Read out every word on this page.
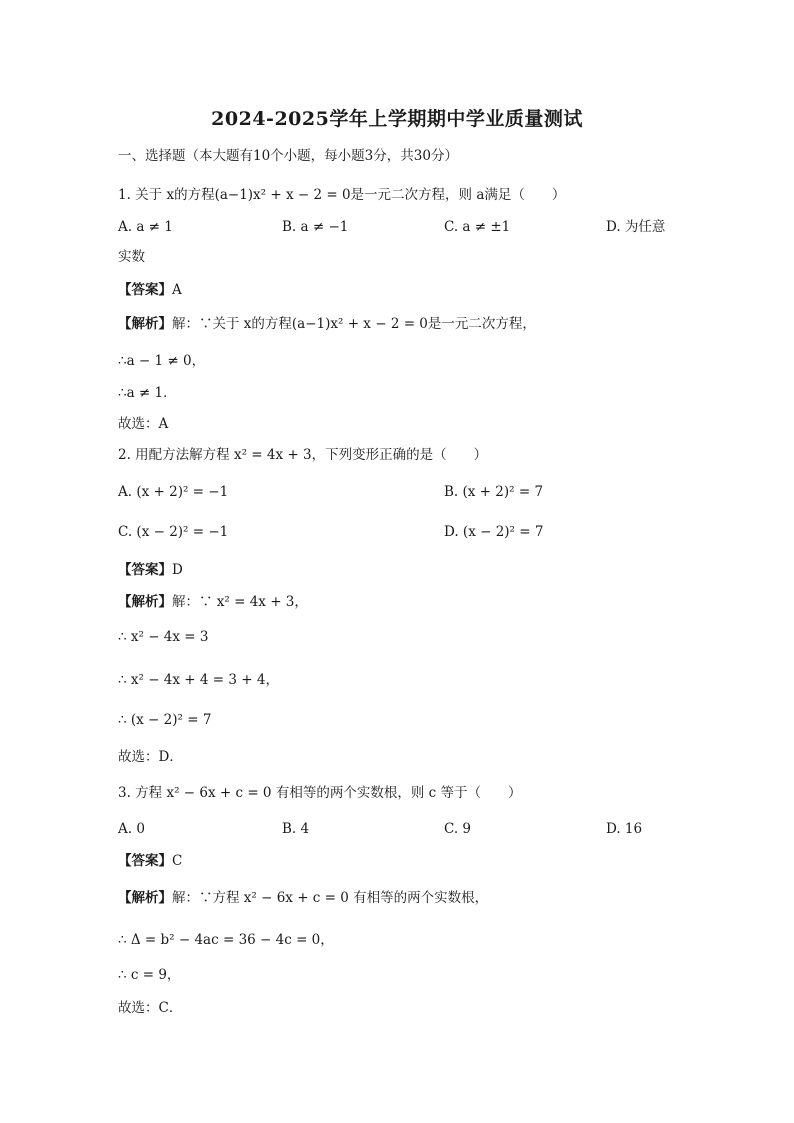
2024-2025学年上学期期中学业质量测试
一、选择题（本大题有10个小题，每小题3分，共30分）
1. 关于 x的方程(a−1)x² + x − 2 = 0是一元二次方程，则 a满足（　　）
A. a ≠ 1	B. a ≠ −1	C. a ≠ ±1	D. 为任意
实数
【答案】A
【解析】解：∵关于 x的方程(a−1)x² + x − 2 = 0是一元二次方程，
∴a − 1 ≠ 0，
∴a ≠ 1．
故选：A
2. 用配方法解方程 x² = 4x + 3，下列变形正确的是（　　）
A. (x + 2)² = −1	B. (x + 2)² = 7
C. (x − 2)² = −1	D. (x − 2)² = 7
【答案】D
【解析】解：∵ x² = 4x + 3，
∴ x² − 4x = 3
∴ x² − 4x + 4 = 3 + 4，
∴ (x − 2)² = 7
故选：D．
3. 方程 x² − 6x + c = 0 有相等的两个实数根，则 c 等于（　　）
A. 0	B. 4	C. 9	D. 16
【答案】C
【解析】解：∵方程 x² − 6x + c = 0 有相等的两个实数根，
∴ Δ = b² − 4ac = 36 − 4c = 0，
∴ c = 9，
故选：C．
